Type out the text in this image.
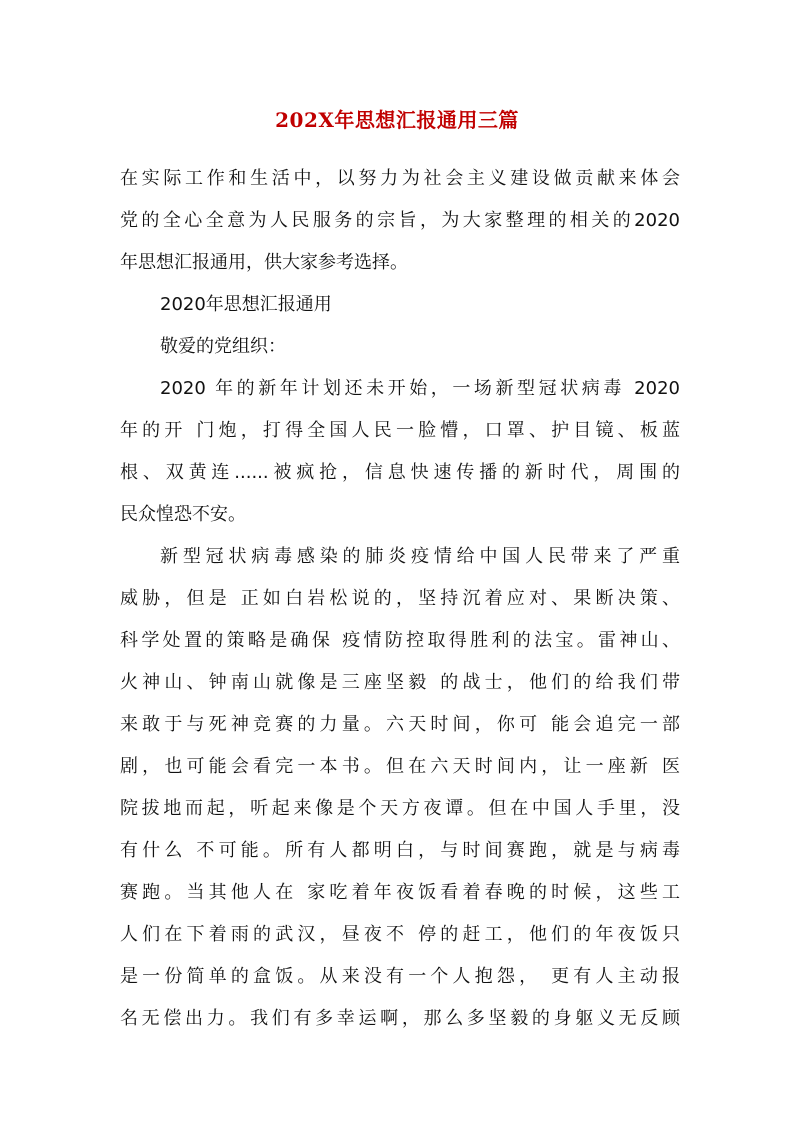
202X年思想汇报通用三篇
在实际工作和生活中，以努力为社会主义建设做贡献来体会
党的全心全意为人民服务的宗旨，为大家整理的相关的2020
年思想汇报通用，供大家参考选择。
2020年思想汇报通用
敬爱的党组织：
2020 年的新年计划还未开始，一场新型冠状病毒 2020
年的开 门炮，打得全国人民一脸懵，口罩、护目镜、板蓝
根、双黄连......被疯抢，信息快速传播的新时代，周围的
民众惶恐不安。
新型冠状病毒感染的肺炎疫情给中国人民带来了严重
威胁，但是 正如白岩松说的，坚持沉着应对、果断决策、
科学处置的策略是确保 疫情防控取得胜利的法宝。雷神山、
火神山、钟南山就像是三座坚毅 的战士，他们的给我们带
来敢于与死神竞赛的力量。六天时间，你可 能会追完一部
剧，也可能会看完一本书。但在六天时间内，让一座新 医
院拔地而起，听起来像是个天方夜谭。但在中国人手里，没
有什么 不可能。所有人都明白，与时间赛跑，就是与病毒
赛跑。当其他人在 家吃着年夜饭看着春晚的时候，这些工
人们在下着雨的武汉，昼夜不 停的赶工，他们的年夜饭只
是一份简单的盒饭。从来没有一个人抱怨， 更有人主动报
名无偿出力。我们有多幸运啊，那么多坚毅的身躯义无反顾
